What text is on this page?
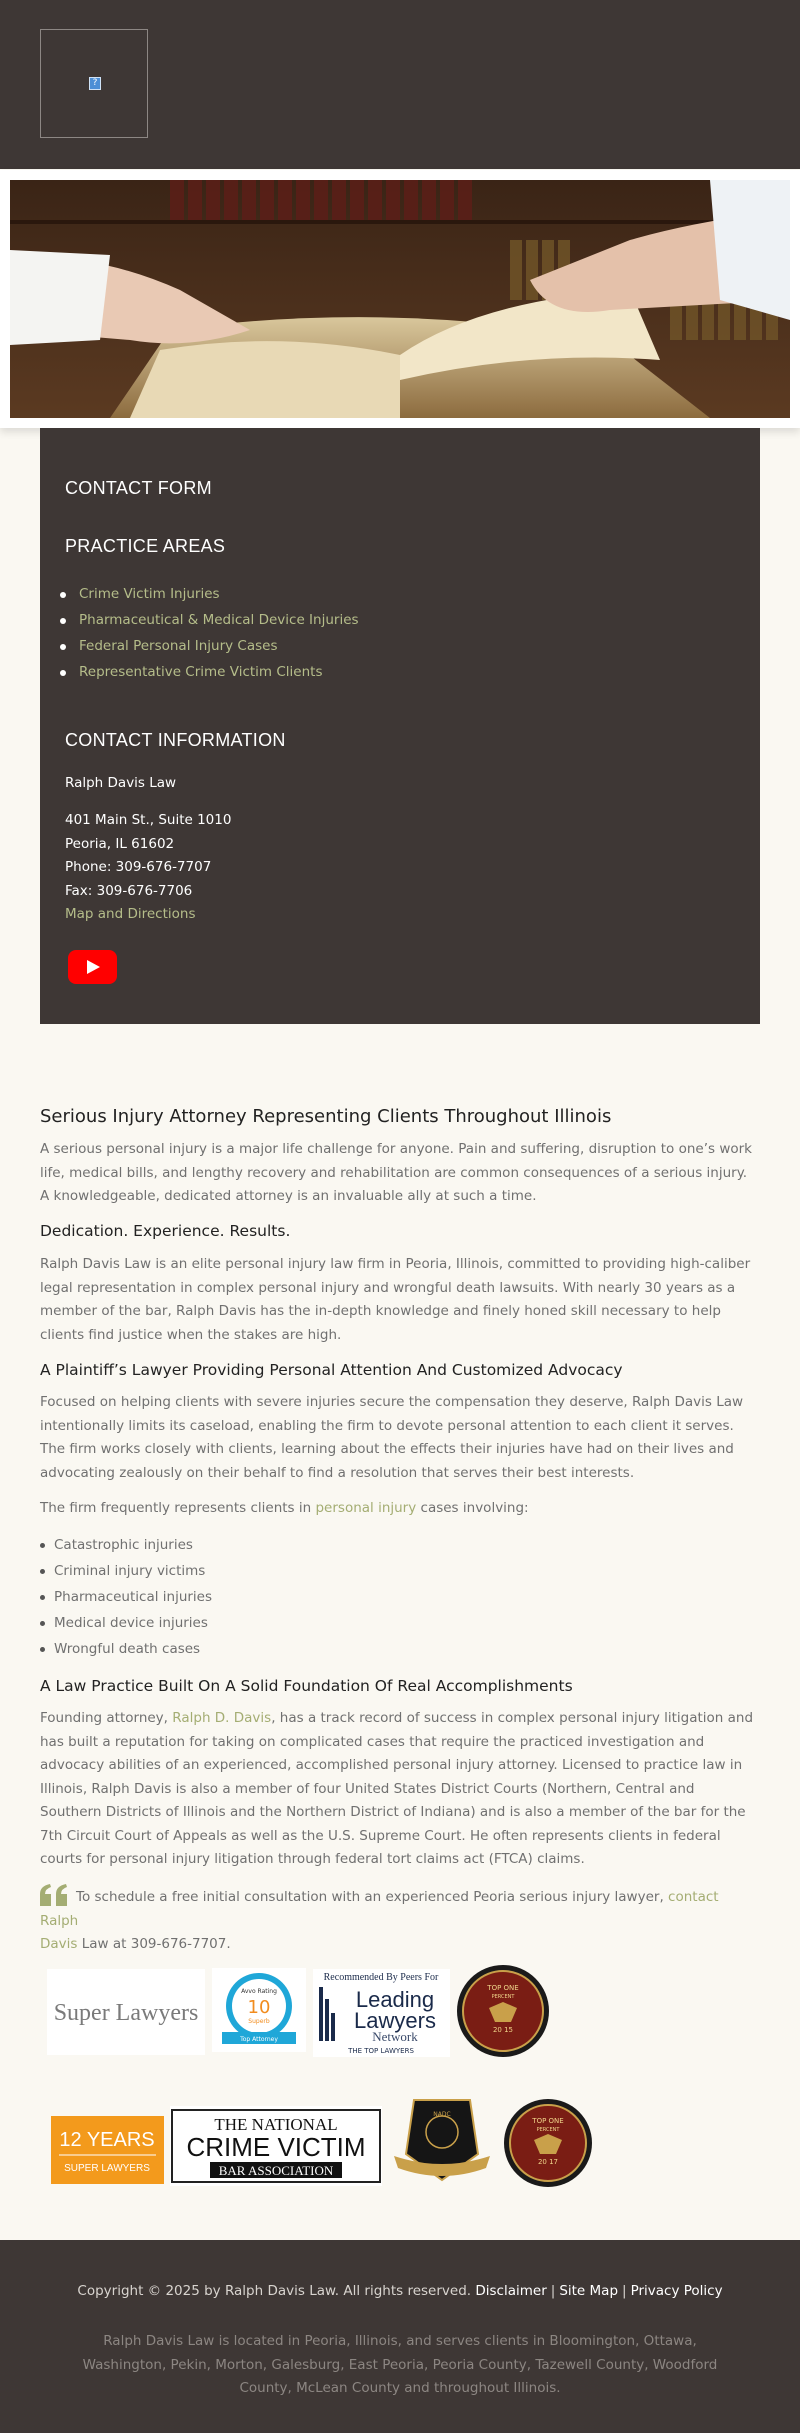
?
CONTACT FORM
PRACTICE AREAS
Crime Victim Injuries
Pharmaceutical & Medical Device Injuries
Federal Personal Injury Cases
Representative Crime Victim Clients
CONTACT INFORMATION
Ralph Davis Law
401 Main St., Suite 1010
Peoria, IL 61602
Phone: 309-676-7707
Fax: 309-676-7706
Map and Directions
Serious Injury Attorney Representing Clients Throughout Illinois

A serious personal injury is a major life challenge for anyone. Pain and suffering, disruption to one’s work life, medical bills, and lengthy recovery and rehabilitation are common consequences of a serious injury. A knowledgeable, dedicated attorney is an invaluable ally at such a time.

Dedication. Experience. Results.

Ralph Davis Law is an elite personal injury law firm in Peoria, Illinois, committed to providing high-caliber legal representation in complex personal injury and wrongful death lawsuits. With nearly 30 years as a member of the bar, Ralph Davis has the in-depth knowledge and finely honed skill necessary to help clients find justice when the stakes are high.

A Plaintiff’s Lawyer Providing Personal Attention And Customized Advocacy

Focused on helping clients with severe injuries secure the compensation they deserve, Ralph Davis Law intentionally limits its caseload, enabling the firm to devote personal attention to each client it serves. The firm works closely with clients, learning about the effects their injuries have had on their lives and advocating zealously on their behalf to find a resolution that serves their best interests.

The firm frequently represents clients in personal injury cases involving:

Catastrophic injuries
Criminal injury victims
Pharmaceutical injuries
Medical device injuries
Wrongful death cases
A Law Practice Built On A Solid Foundation Of Real Accomplishments

Founding attorney, Ralph D. Davis, has a track record of success in complex personal injury litigation and has built a reputation for taking on complicated cases that require the practiced investigation and advocacy abilities of an experienced, accomplished personal injury attorney. Licensed to practice law in Illinois, Ralph Davis is also a member of four United States District Courts (Northern, Central and Southern Districts of Illinois and the Northern District of Indiana) and is also a member of the bar for the 7th Circuit Court of Appeals as well as the U.S. Supreme Court. He often represents clients in federal courts for personal injury litigation through federal tort claims act (FTCA) claims.

To schedule a free initial consultation with an experienced Peoria serious injury lawyer, contact Ralph
Davis Law at 309-676-7707.

Super Lawyers
Avvo Rating
10
Superb
Top Attorney
Recommended By Peers For
Leading
Lawyers
Network
THE TOP LAWYERS
TOP ONE
PERCENT
20 15
12 YEARS
SUPER LAWYERS
THE NATIONAL
CRIME VICTIM
BAR ASSOCIATION
NADC
TOP ONE
PERCENT
20 17
Copyright © 2025 by Ralph Davis Law. All rights reserved. Disclaimer | Site Map | Privacy Policy

Ralph Davis Law is located in Peoria, Illinois, and serves clients in Bloomington, Ottawa, Washington, Pekin, Morton, Galesburg, East Peoria, Peoria County, Tazewell County, Woodford County, McLean County and throughout Illinois.
